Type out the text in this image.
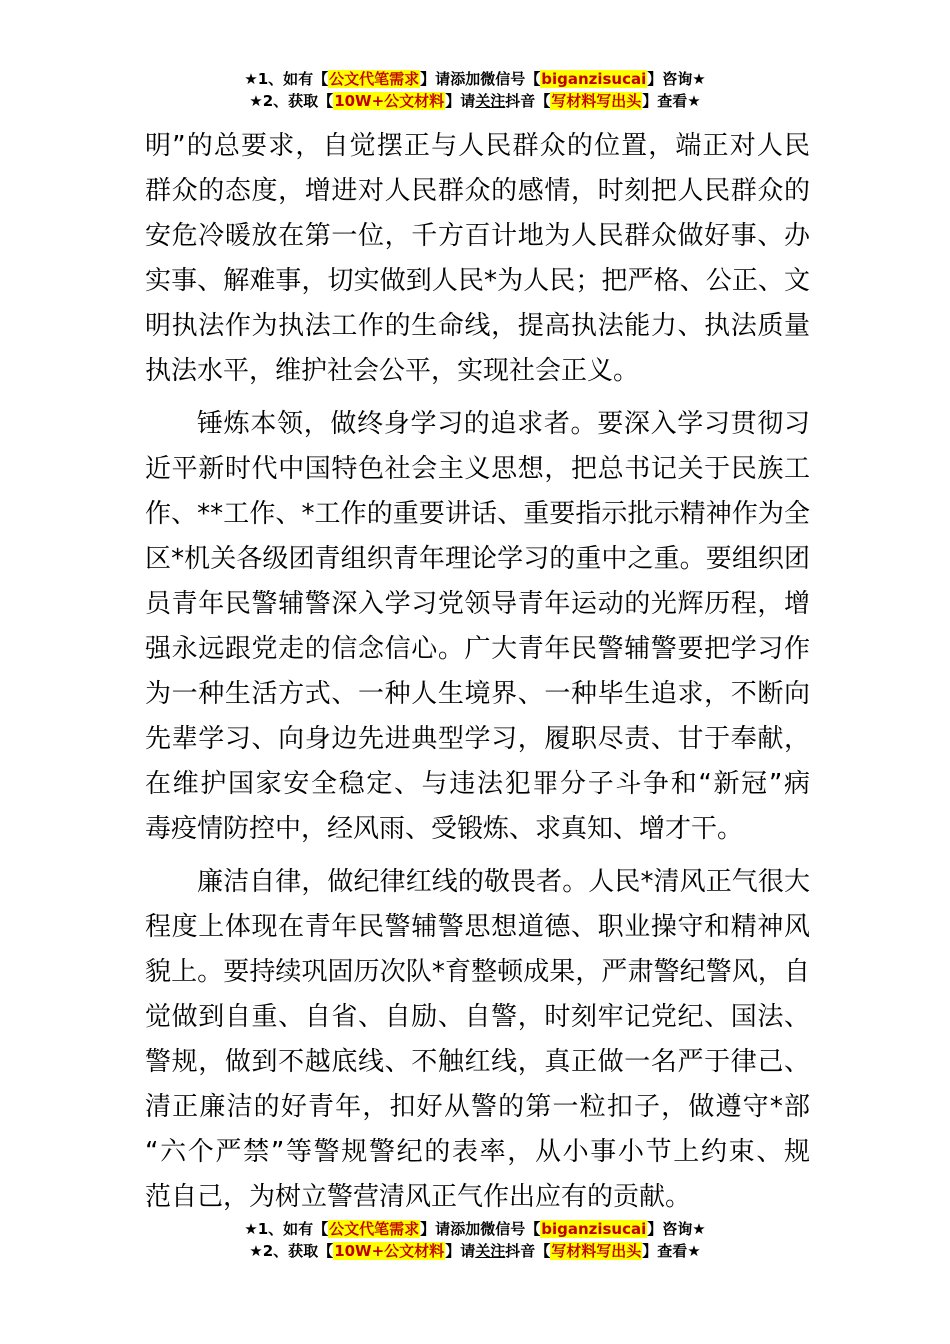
★1、如有【公文代笔需求】请添加微信号【biganzisucai】咨询★
★2、获取【10W+公文材料】请关注抖音【写材料写出头】查看★

明”的总要求，自觉摆正与人民群众的位置，端正对人民
群众的态度，增进对人民群众的感情，时刻把人民群众的
安危冷暖放在第一位，千方百计地为人民群众做好事、办
实事、解难事，切实做到人民*为人民；把严格、公正、文
明执法作为执法工作的生命线，提高执法能力、执法质量
执法水平，维护社会公平，实现社会正义。

锤炼本领，做终身学习的追求者。要深入学习贯彻习
近平新时代中国特色社会主义思想，把总书记关于民族工
作、**工作、*工作的重要讲话、重要指示批示精神作为全
区*机关各级团青组织青年理论学习的重中之重。要组织团
员青年民警辅警深入学习党领导青年运动的光辉历程，增
强永远跟党走的信念信心。广大青年民警辅警要把学习作
为一种生活方式、一种人生境界、一种毕生追求，不断向
先辈学习、向身边先进典型学习，履职尽责、甘于奉献，
在维护国家安全稳定、与违法犯罪分子斗争和“新冠”病
毒疫情防控中，经风雨、受锻炼、求真知、增才干。

廉洁自律，做纪律红线的敬畏者。人民*清风正气很大
程度上体现在青年民警辅警思想道德、职业操守和精神风
貌上。要持续巩固历次队*育整顿成果，严肃警纪警风，自
觉做到自重、自省、自励、自警，时刻牢记党纪、国法、
警规，做到不越底线、不触红线，真正做一名严于律己、
清正廉洁的好青年，扣好从警的第一粒扣子，做遵守*部
“六个严禁”等警规警纪的表率，从小事小节上约束、规
范自己，为树立警营清风正气作出应有的贡献。

★1、如有【公文代笔需求】请添加微信号【biganzisucai】咨询★
★2、获取【10W+公文材料】请关注抖音【写材料写出头】查看★
